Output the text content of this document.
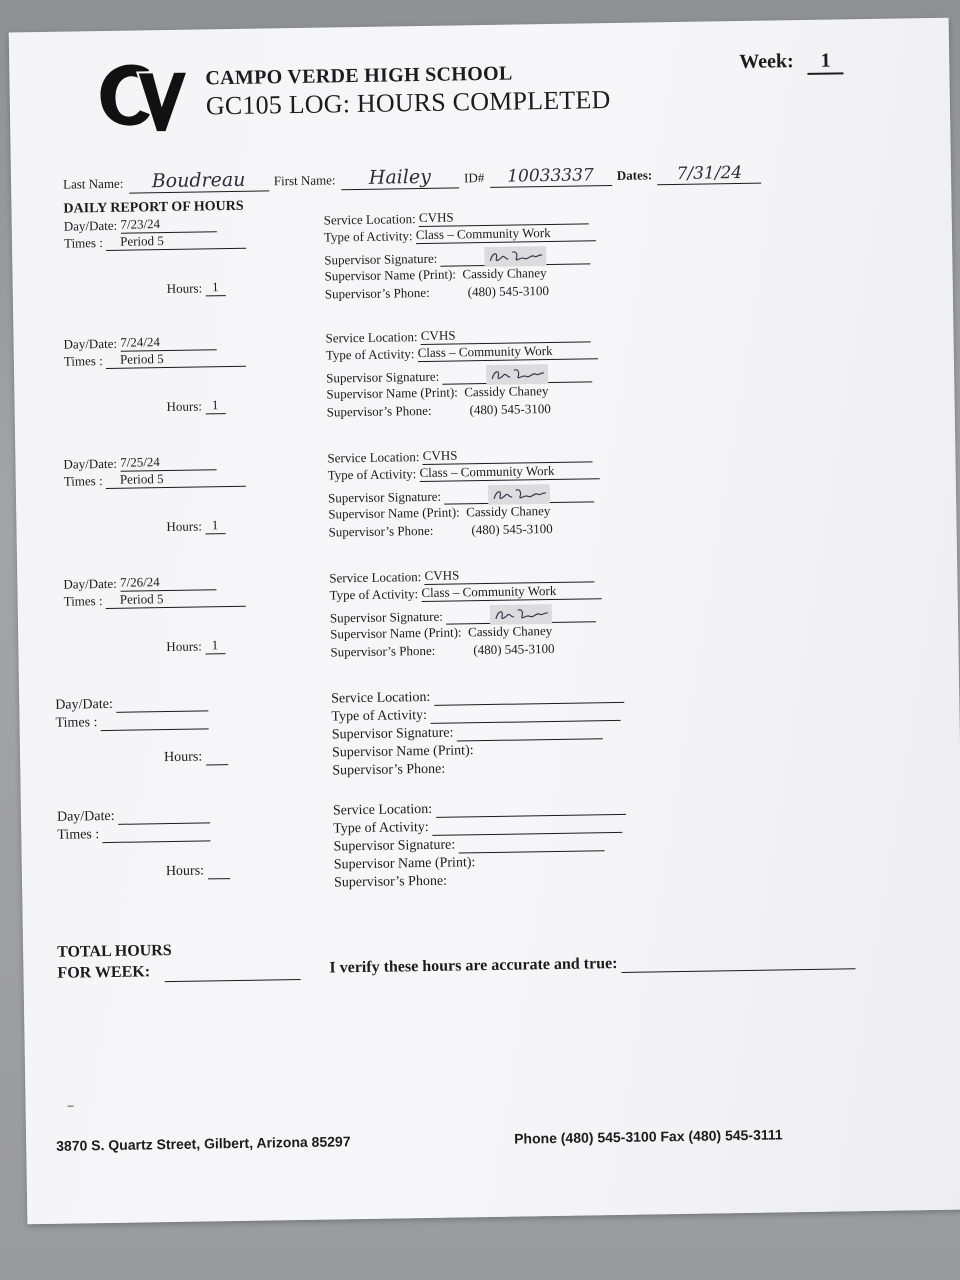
CAMPO VERDE HIGH SCHOOL
GC105 LOG: HOURS COMPLETED
Week: 1
Last Name: Boudreau First Name: Hailey	ID# 10033337 Dates: 7/31/24
DAILY REPORT OF HOURS
Day/Date: 7/23/24
Times : Period 5
Hours: 1
Service Location: CVHS
Type of Activity: Class – Community Work
Supervisor Signature:
Supervisor Name (Print): Cassidy Chaney
Supervisor’s Phone:	(480) 545-3100
Day/Date: 7/24/24
Times : Period 5
Hours: 1
Service Location: CVHS
Type of Activity: Class – Community Work
Supervisor Signature:
Supervisor Name (Print): Cassidy Chaney
Supervisor’s Phone:	(480) 545-3100
Day/Date: 7/25/24
Times : Period 5
Hours: 1
Service Location: CVHS
Type of Activity: Class – Community Work
Supervisor Signature:
Supervisor Name (Print): Cassidy Chaney
Supervisor’s Phone:	(480) 545-3100
Day/Date: 7/26/24
Times : Period 5
Hours: 1
Service Location: CVHS
Type of Activity: Class – Community Work
Supervisor Signature:
Supervisor Name (Print): Cassidy Chaney
Supervisor’s Phone:	(480) 545-3100
Day/Date:
Times :
Hours:
Service Location:
Type of Activity:
Supervisor Signature:
Supervisor Name (Print):
Supervisor’s Phone:
Day/Date:
Times :
Hours:
Service Location:
Type of Activity:
Supervisor Signature:
Supervisor Name (Print):
Supervisor’s Phone:
TOTAL HOURS
FOR WEEK:	I verify these hours are accurate and true:
3870 S. Quartz Street, Gilbert, Arizona 85297	Phone (480) 545-3100 Fax (480) 545-3111
